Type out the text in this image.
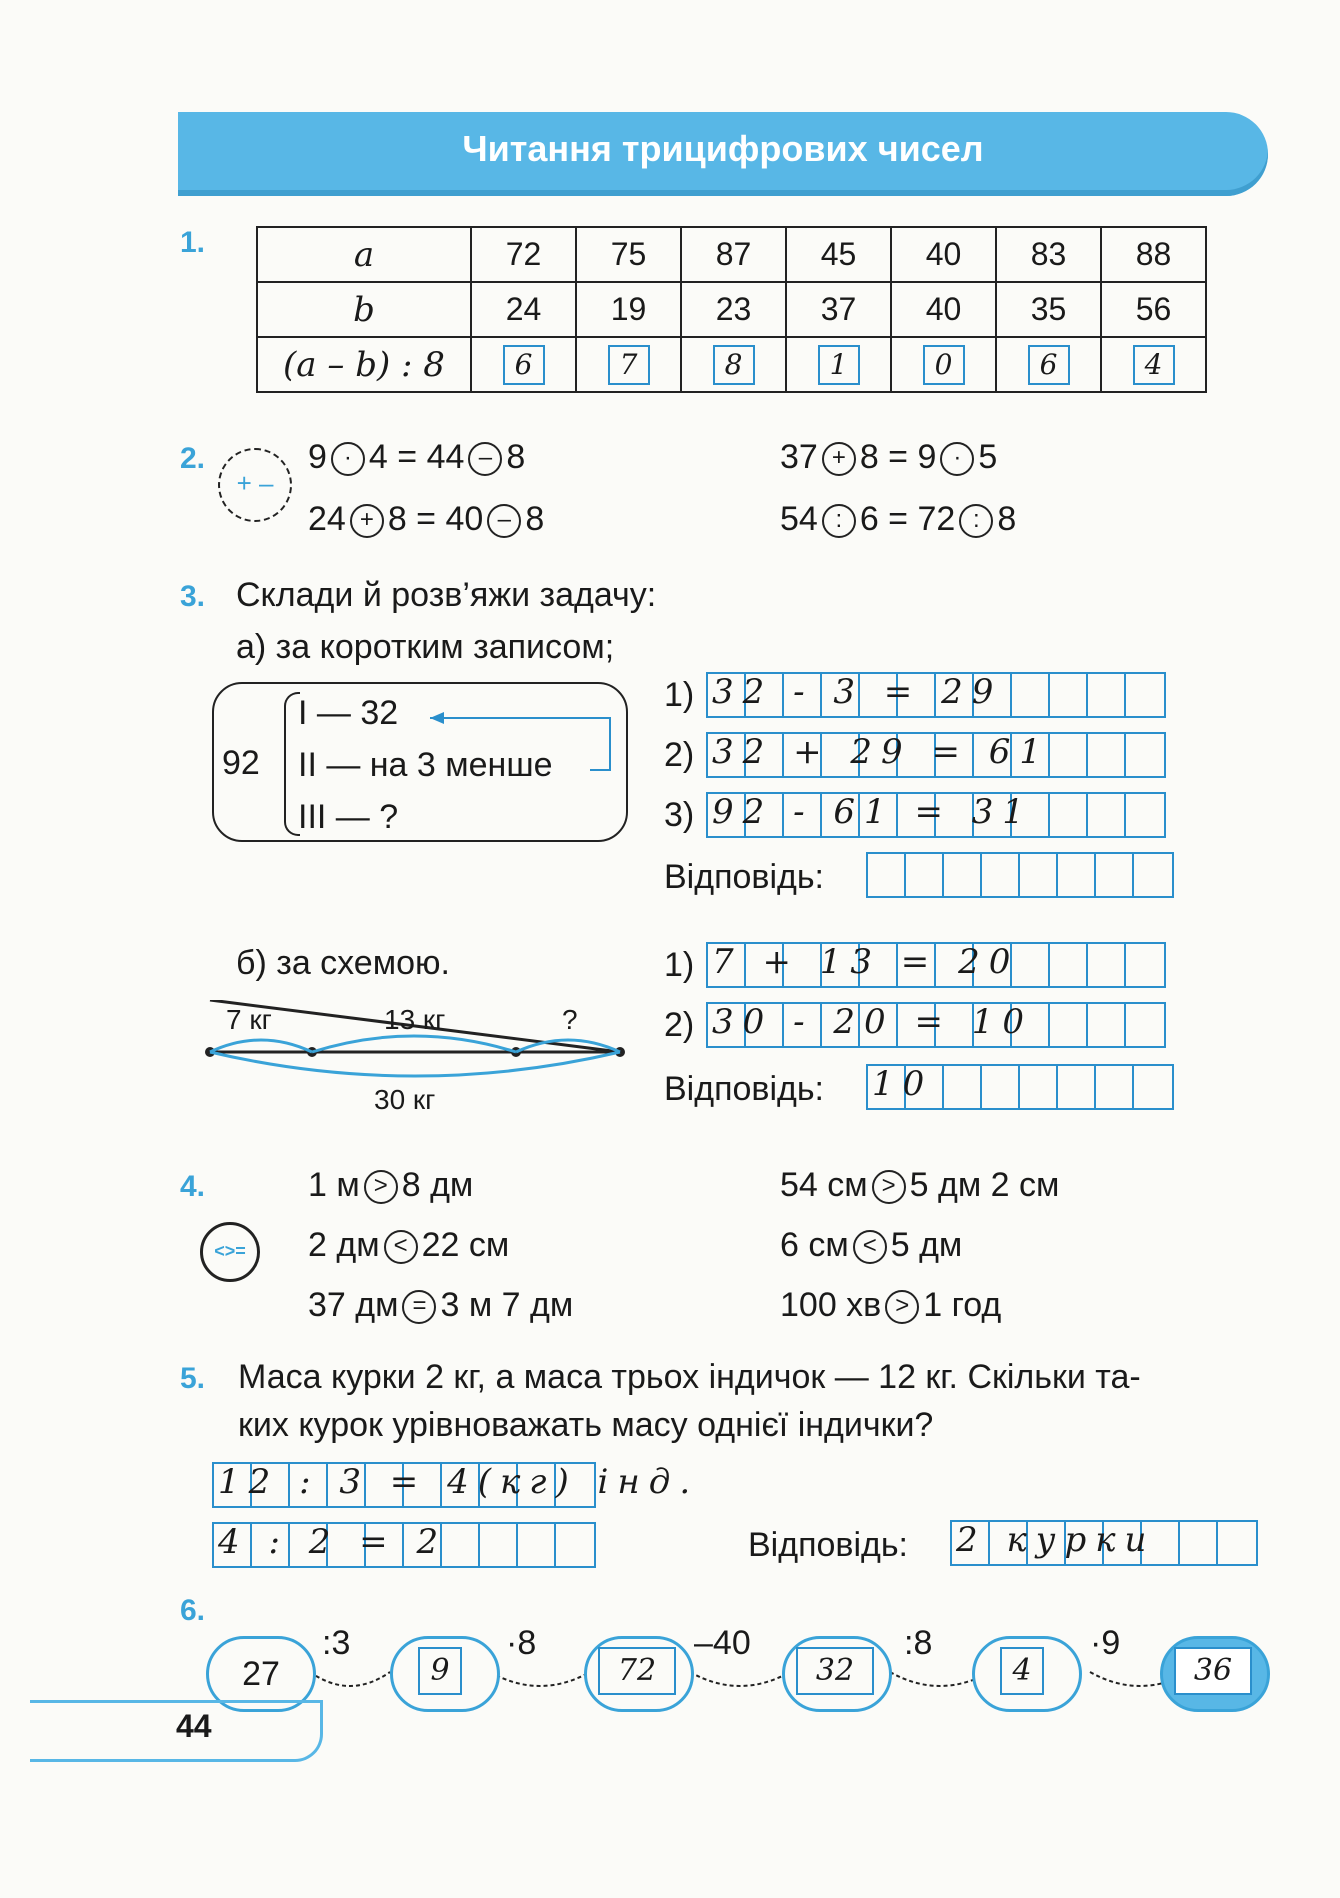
Читання трицифрових чисел
1.	a	72	75	87	45	40	83	88
b	24	19	23	37	40	35	56
(a – b) : 8	6	7	8	1	0	6	4
2.
+ –
9 · 4 = 44 – 8
24 + 8 = 40 – 8
37 + 8 = 9 · 5
54 : 6 = 72 : 8
3. Склади й розв’яжи задачу:
а) за коротким записом;
92
І — 32
ІІ — на 3 менше
ІІІ — ?
1) 32 - 3 = 29
2) 32 + 29 = 61
3) 92 - 61 = 31
Відповідь:
б) за схемою.
7 кг	13 кг	?
30 кг
1) 7 + 13 = 20
2) 30 - 20 = 10
Відповідь: 10
4.
<>=
1 м > 8 дм
2 дм < 22 см
37 дм = 3 м 7 дм
54 см > 5 дм 2 см
6 см < 5 дм
100 хв > 1 год
5. Маса курки 2 кг, а маса трьох індичок — 12 кг. Скільки та-
ких курок урівноважать масу однієї індички?
12 : 3 = 4(кг) інд.
4 : 2 = 2	Відповідь: 2 курки
6.
27
:3
9
·8
72
–40
32
:8
4
·9
36
44
